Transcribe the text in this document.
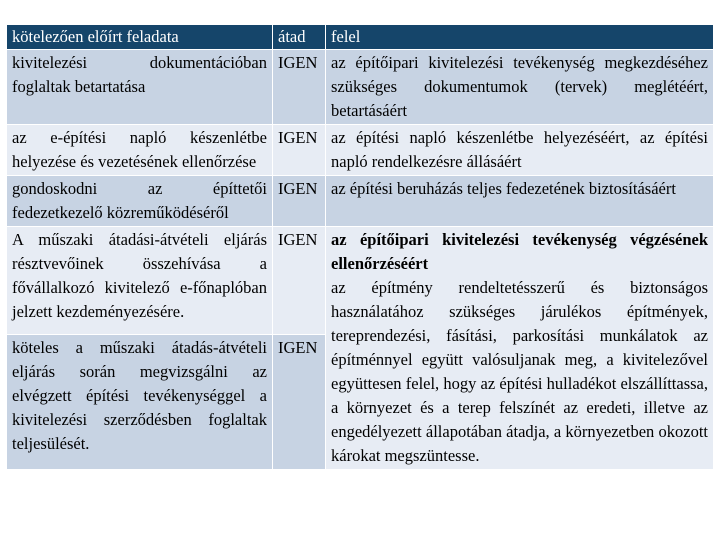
kötelezően előírt feladata	átad	felel
kivitelezési dokumentációban foglaltak betartatása	IGEN	az építőipari kivitelezési tevékenység megkezdéséhez szükséges dokumentumok (tervek) meglétéért, betartásáért
az e-építési napló készenlétbe helyezése és vezetésének ellenőrzése	IGEN	az építési napló készenlétbe helyezéséért, az építési napló rendelkezésre állásáért
gondoskodni az építtetői fedezetkezelő közreműködéséről	IGEN	az építési beruházás teljes fedezetének biztosításáért
A műszaki átadási-átvételi eljárás résztvevőinek összehívása a fővállalkozó kivitelező e-főnaplóban jelzett kezdeményezésére.	IGEN	az építőipari kivitelezési tevékenység végzésének ellenőrzéséért
az építmény rendeltetésszerű és biztonságos használatához szükséges járulékos építmények, tereprendezési, fásítási, parkosítási munkálatok az építménnyel együtt valósuljanak meg, a kivitelezővel együttesen felel, hogy az építési hulladékot elszállíttassa, a környezet és a terep felszínét az eredeti, illetve az engedélyezett állapotában átadja, a környezetben okozott károkat megszüntesse.

köteles a műszaki átadás-átvételi eljárás során megvizsgálni az elvégzett építési tevékenységgel a kivitelezési szerződésben foglaltak teljesülését.	IGEN	
